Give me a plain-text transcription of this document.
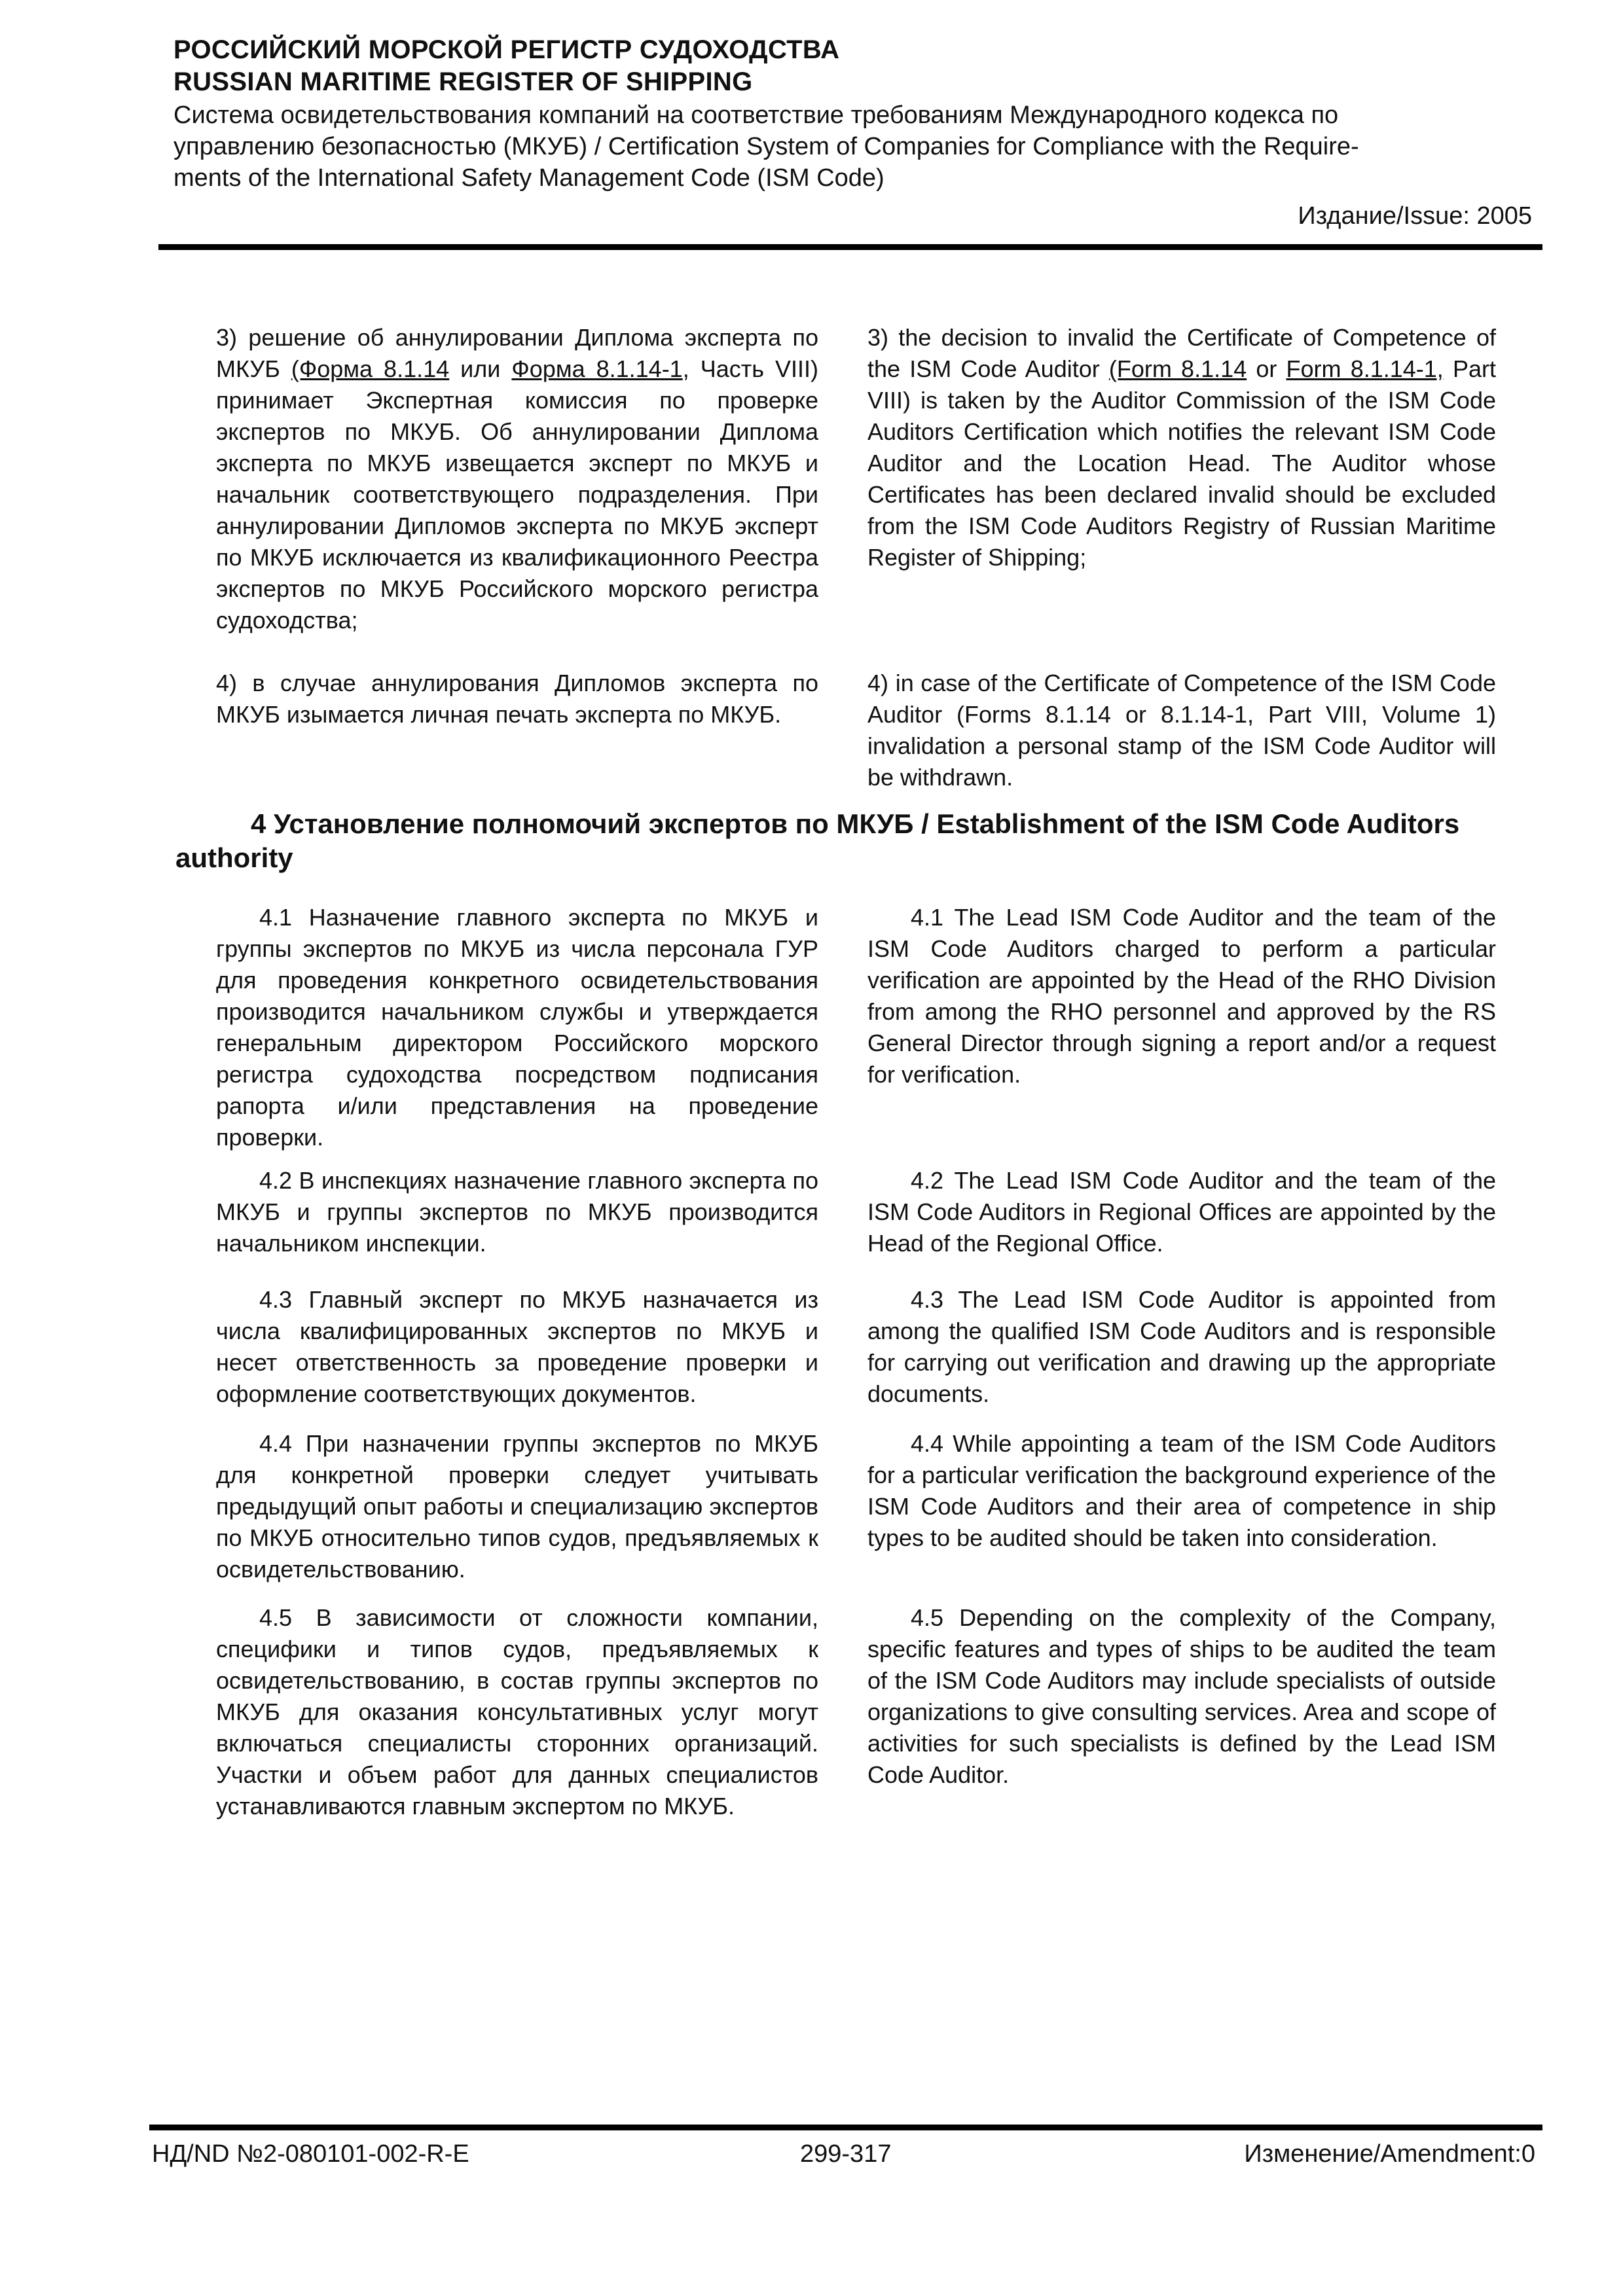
РОССИЙСКИЙ МОРСКОЙ РЕГИСТР СУДОХОДСТВА
RUSSIAN MARITIME REGISTER OF SHIPPING
Система освидетельствования компаний на соответствие требованиям Международного кодекса по
управлению безопасностью (МКУБ) / Certification System of Companies for Compliance with the Require-
ments of the International Safety Management Code (ISM Code)
Издание/Issue: 2005

3) решение об аннулировании Диплома эксперта по МКУБ (Форма 8.1.14 или Форма 8.1.14-1, Часть VIII) принимает Экспертная комиссия по проверке экспертов по МКУБ. Об аннулировании Диплома эксперта по МКУБ извещается эксперт по МКУБ и начальник соответствующего подразделения. При аннулировании Дипломов эксперта по МКУБ эксперт по МКУБ исключается из квалификационного Реестра экспертов по МКУБ Российского морского регистра судоходства;

3) the decision to invalid the Certificate of Competence of the ISM Code Auditor (Form 8.1.14 or Form 8.1.14-1, Part VIII) is taken by the Auditor Commission of the ISM Code Auditors Certification which notifies the relevant ISM Code Auditor and the Location Head. The Auditor whose Certificates has been declared invalid should be excluded from the ISM Code Auditors Registry of Russian Maritime Register of Shipping;

4) в случае аннулирования Дипломов эксперта по МКУБ изымается личная печать эксперта по МКУБ.

4) in case of the Certificate of Competence of the ISM Code Auditor (Forms 8.1.14 or 8.1.14-1, Part VIII, Volume 1) invalidation a personal stamp of the ISM Code Auditor will be withdrawn.

4 Установление полномочий экспертов по МКУБ / Establishment of the ISM Code Auditors authority

4.1 Назначение главного эксперта по МКУБ и группы экспертов по МКУБ из числа персонала ГУР для проведения конкретного освидетельствования производится начальником службы и утверждается генеральным директором Российского морского регистра судоходства посредством подписания рапорта и/или представления на проведение проверки.

4.1 The Lead ISM Code Auditor and the team of the ISM Code Auditors charged to perform a particular verification are appointed by the Head of the RHO Division from among the RHO personnel and approved by the RS General Director through signing a report and/or a request for verification.

4.2 В инспекциях назначение главного эксперта по МКУБ и группы экспертов по МКУБ производится начальником инспекции.

4.2 The Lead ISM Code Auditor and the team of the ISM Code Auditors in Regional Offices are appointed by the Head of the Regional Office.

4.3 Главный эксперт по МКУБ назначается из числа квалифицированных экспертов по МКУБ и несет ответственность за проведение проверки и оформление соответствующих документов.

4.3 The Lead ISM Code Auditor is appointed from among the qualified ISM Code Auditors and is responsible for carrying out verification and drawing up the appropriate documents.

4.4 При назначении группы экспертов по МКУБ для конкретной проверки следует учитывать предыдущий опыт работы и специализацию экспертов по МКУБ относительно типов судов, предъявляемых к освидетельствованию.

4.4 While appointing a team of the ISM Code Auditors for a particular verification the background experience of the ISM Code Auditors and their area of competence in ship types to be audited should be taken into consideration.

4.5 В зависимости от сложности компании, специфики и типов судов, предъявляемых к освидетельствованию, в состав группы экспертов по МКУБ для оказания консультативных услуг могут включаться специалисты сторонних организаций. Участки и объем работ для данных специалистов устанавливаются главным экспертом по МКУБ.

4.5 Depending on the complexity of the Company, specific features and types of ships to be audited the team of the ISM Code Auditors may include specialists of outside organizations to give consulting services. Area and scope of activities for such specialists is defined by the Lead ISM Code Auditor.

НД/ND №2-080101-002-R-E	299-317	Изменение/Amendment:0
